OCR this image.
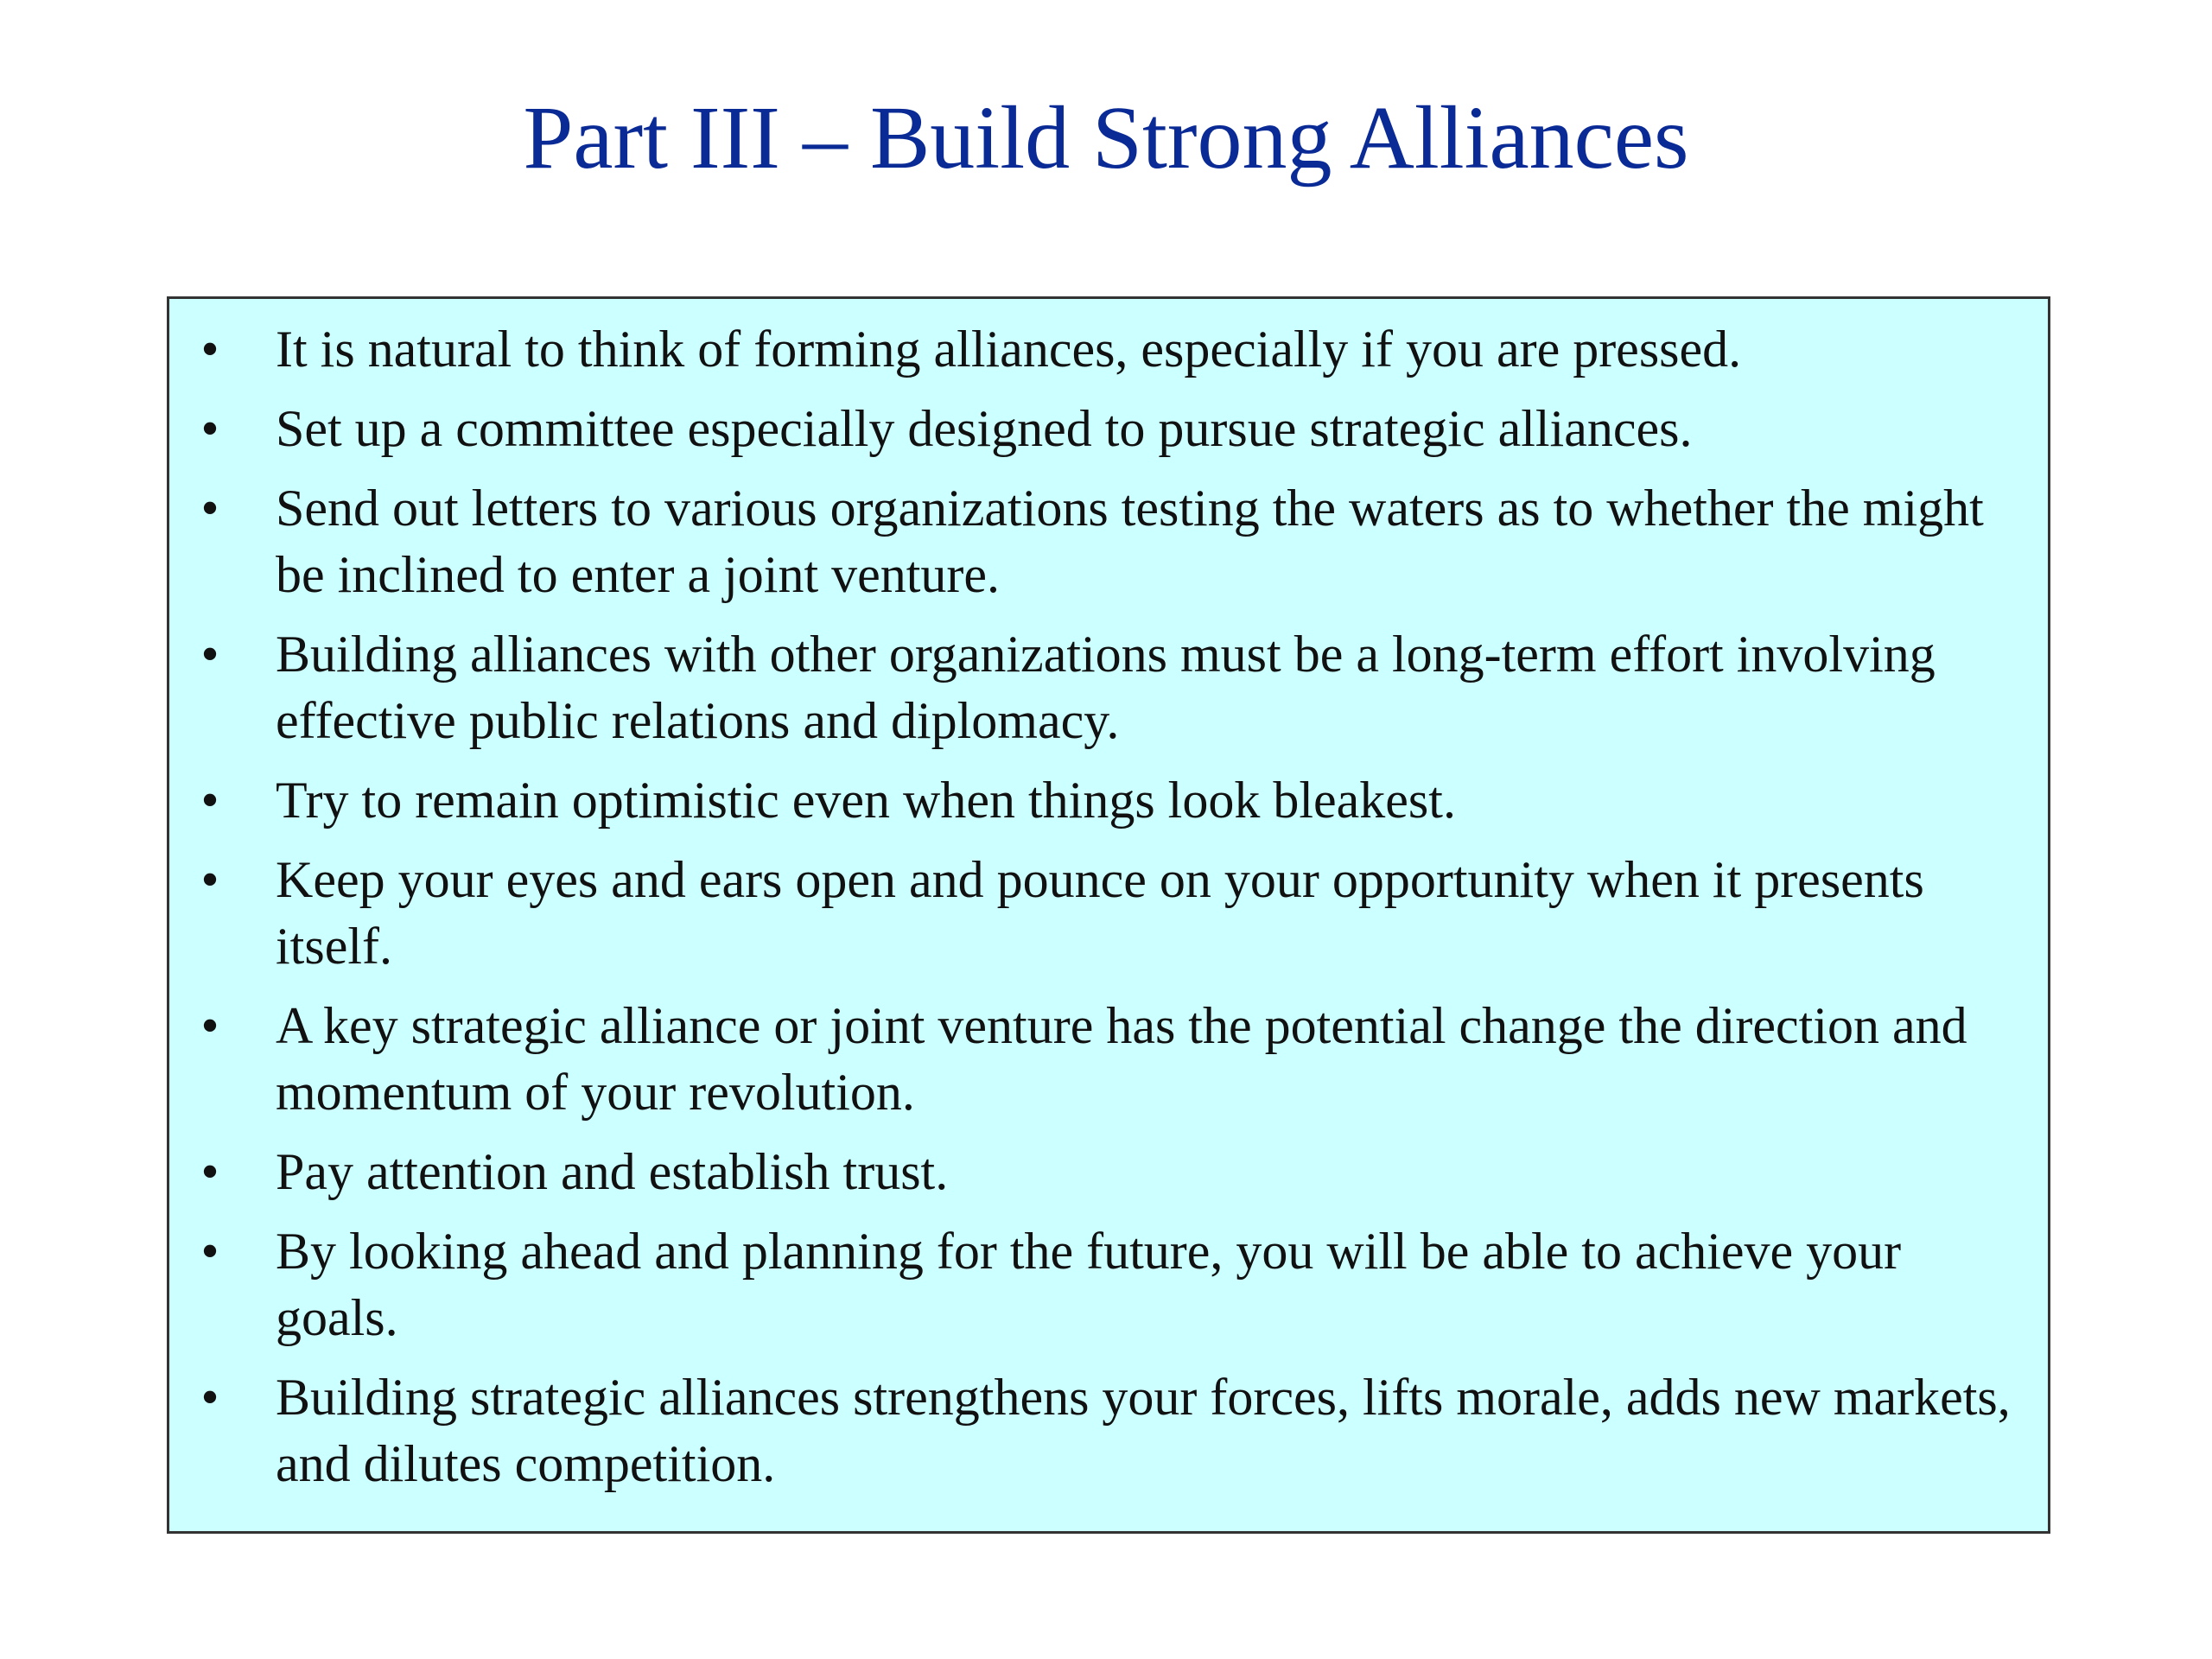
Part III – Build Strong Alliances
• It is natural to think of forming alliances, especially if you are pressed.
• Set up a committee especially designed to pursue strategic alliances.
• Send out letters to various organizations testing the waters as to whether the might be inclined to enter a joint venture.
• Building alliances with other organizations must be a long-term effort involving effective public relations and diplomacy.
• Try to remain optimistic even when things look bleakest.
• Keep your eyes and ears open and pounce on your opportunity when it presents itself.
• A key strategic alliance or joint venture has the potential change the direction and momentum of your revolution.
• Pay attention and establish trust.
• By looking ahead and planning for the future, you will be able to achieve your goals.
• Building strategic alliances strengthens your forces, lifts morale, adds new markets, and dilutes competition.
